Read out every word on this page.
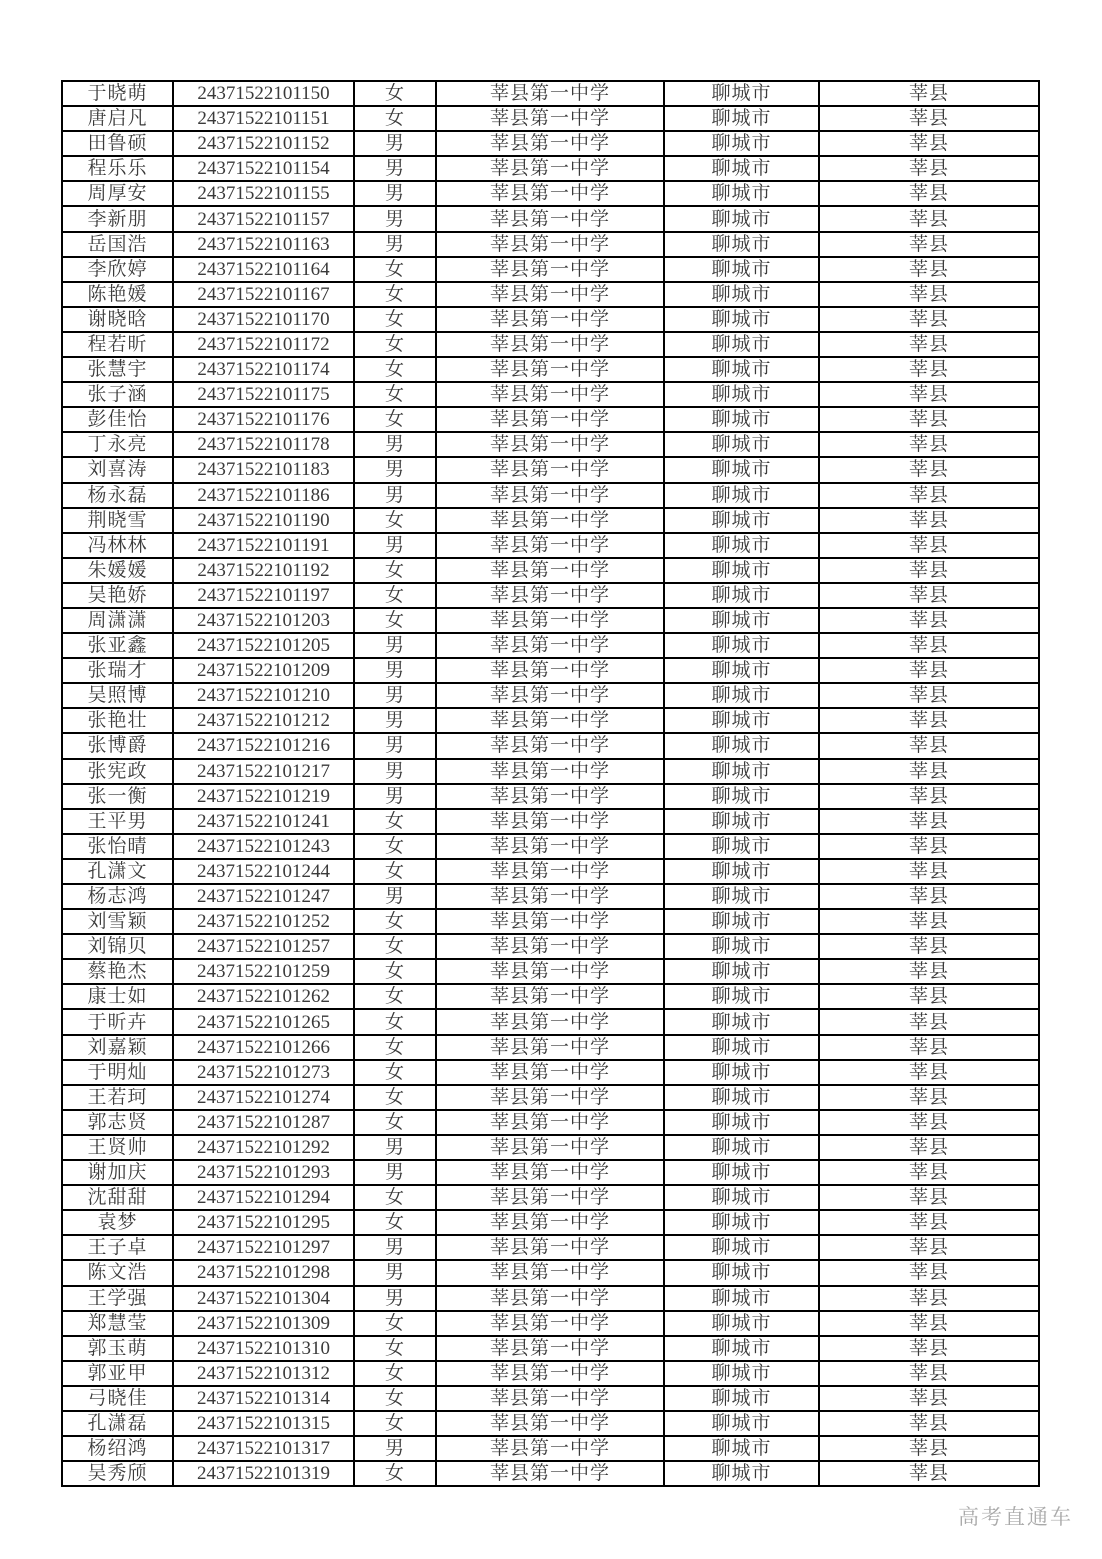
于晓萌	24371522101150	女	莘县第一中学	聊城市	莘县
唐启凡	24371522101151	女	莘县第一中学	聊城市	莘县
田鲁硕	24371522101152	男	莘县第一中学	聊城市	莘县
程乐乐	24371522101154	男	莘县第一中学	聊城市	莘县
周厚安	24371522101155	男	莘县第一中学	聊城市	莘县
李新朋	24371522101157	男	莘县第一中学	聊城市	莘县
岳国浩	24371522101163	男	莘县第一中学	聊城市	莘县
李欣婷	24371522101164	女	莘县第一中学	聊城市	莘县
陈艳媛	24371522101167	女	莘县第一中学	聊城市	莘县
谢晓晗	24371522101170	女	莘县第一中学	聊城市	莘县
程若昕	24371522101172	女	莘县第一中学	聊城市	莘县
张慧宇	24371522101174	女	莘县第一中学	聊城市	莘县
张子涵	24371522101175	女	莘县第一中学	聊城市	莘县
彭佳怡	24371522101176	女	莘县第一中学	聊城市	莘县
丁永亮	24371522101178	男	莘县第一中学	聊城市	莘县
刘喜涛	24371522101183	男	莘县第一中学	聊城市	莘县
杨永磊	24371522101186	男	莘县第一中学	聊城市	莘县
荆晓雪	24371522101190	女	莘县第一中学	聊城市	莘县
冯林林	24371522101191	男	莘县第一中学	聊城市	莘县
朱媛媛	24371522101192	女	莘县第一中学	聊城市	莘县
吴艳娇	24371522101197	女	莘县第一中学	聊城市	莘县
周潇潇	24371522101203	女	莘县第一中学	聊城市	莘县
张亚鑫	24371522101205	男	莘县第一中学	聊城市	莘县
张瑞才	24371522101209	男	莘县第一中学	聊城市	莘县
吴照博	24371522101210	男	莘县第一中学	聊城市	莘县
张艳壮	24371522101212	男	莘县第一中学	聊城市	莘县
张博爵	24371522101216	男	莘县第一中学	聊城市	莘县
张宪政	24371522101217	男	莘县第一中学	聊城市	莘县
张一衡	24371522101219	男	莘县第一中学	聊城市	莘县
王平男	24371522101241	女	莘县第一中学	聊城市	莘县
张怡晴	24371522101243	女	莘县第一中学	聊城市	莘县
孔潇文	24371522101244	女	莘县第一中学	聊城市	莘县
杨志鸿	24371522101247	男	莘县第一中学	聊城市	莘县
刘雪颖	24371522101252	女	莘县第一中学	聊城市	莘县
刘锦贝	24371522101257	女	莘县第一中学	聊城市	莘县
蔡艳杰	24371522101259	女	莘县第一中学	聊城市	莘县
康士如	24371522101262	女	莘县第一中学	聊城市	莘县
于昕卉	24371522101265	女	莘县第一中学	聊城市	莘县
刘嘉颖	24371522101266	女	莘县第一中学	聊城市	莘县
于明灿	24371522101273	女	莘县第一中学	聊城市	莘县
王若珂	24371522101274	女	莘县第一中学	聊城市	莘县
郭志贤	24371522101287	女	莘县第一中学	聊城市	莘县
王贤帅	24371522101292	男	莘县第一中学	聊城市	莘县
谢加庆	24371522101293	男	莘县第一中学	聊城市	莘县
沈甜甜	24371522101294	女	莘县第一中学	聊城市	莘县
袁梦	24371522101295	女	莘县第一中学	聊城市	莘县
王子卓	24371522101297	男	莘县第一中学	聊城市	莘县
陈文浩	24371522101298	男	莘县第一中学	聊城市	莘县
王学强	24371522101304	男	莘县第一中学	聊城市	莘县
郑慧莹	24371522101309	女	莘县第一中学	聊城市	莘县
郭玉萌	24371522101310	女	莘县第一中学	聊城市	莘县
郭亚甲	24371522101312	女	莘县第一中学	聊城市	莘县
弓晓佳	24371522101314	女	莘县第一中学	聊城市	莘县
孔潇磊	24371522101315	女	莘县第一中学	聊城市	莘县
杨绍鸿	24371522101317	男	莘县第一中学	聊城市	莘县
吴秀颀	24371522101319	女	莘县第一中学	聊城市	莘县
高考直通车
